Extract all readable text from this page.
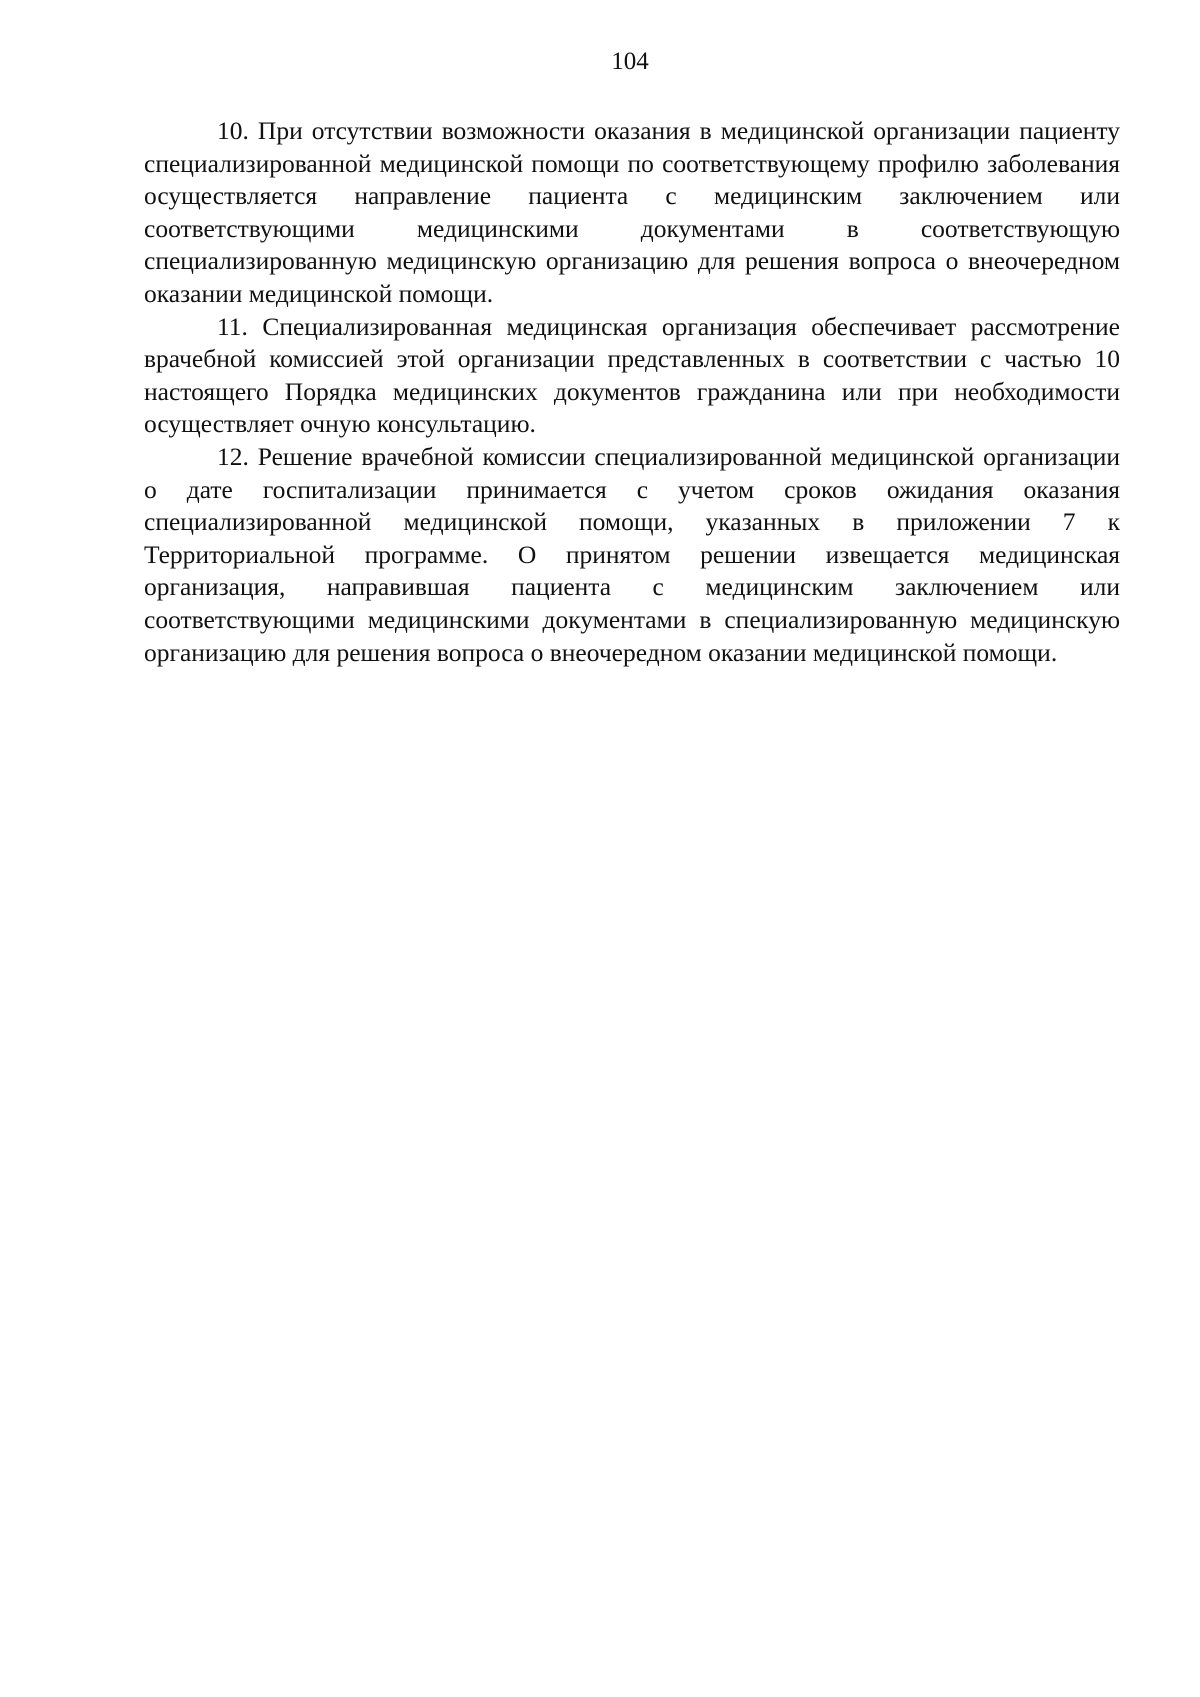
104

10. При отсутствии возможности оказания в медицинской организации пациенту специализированной медицинской помощи по соответствующему профилю заболевания осуществляется направление пациента с медицинским заключением или соответствующими медицинскими документами в соответствующую специализированную медицинскую организацию для решения вопроса о внеочередном оказании медицинской помощи.

11. Специализированная медицинская организация обеспечивает рассмотрение врачебной комиссией этой организации представленных в соответствии с частью 10 настоящего Порядка медицинских документов гражданина или при необходимости осуществляет очную консультацию.

12. Решение врачебной комиссии специализированной медицинской организации о дате госпитализации принимается с учетом сроков ожидания оказания специализированной медицинской помощи, указанных в приложении 7 к Территориальной программе. О принятом решении извещается медицинская организация, направившая пациента с медицинским заключением или соответствующими медицинскими документами в специализированную медицинскую организацию для решения вопроса о внеочередном оказании медицинской помощи.
